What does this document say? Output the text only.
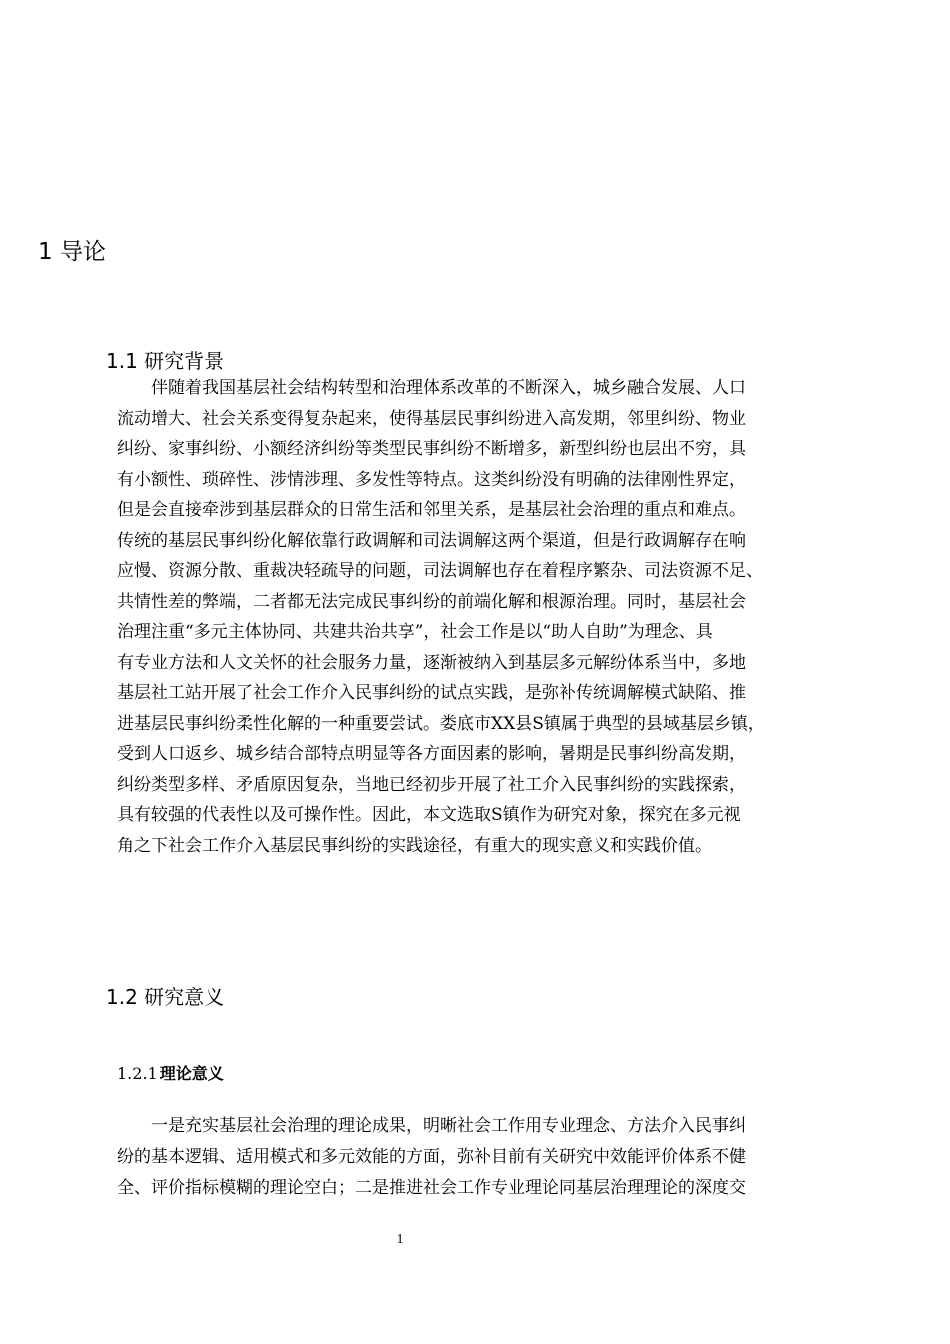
1 导论
1.1 研究背景
伴随着我国基层社会结构转型和治理体系改革的不断深入，城乡融合发展、人口
流动增大、社会关系变得复杂起来，使得基层民事纠纷进入高发期，邻里纠纷、物业
纠纷、家事纠纷、小额经济纠纷等类型民事纠纷不断增多，新型纠纷也层出不穷，具
有小额性、琐碎性、涉情涉理、多发性等特点。这类纠纷没有明确的法律刚性界定，
但是会直接牵涉到基层群众的日常生活和邻里关系，是基层社会治理的重点和难点。
传统的基层民事纠纷化解依靠行政调解和司法调解这两个渠道，但是行政调解存在响
应慢、资源分散、重裁决轻疏导的问题，司法调解也存在着程序繁杂、司法资源不足、
共情性差的弊端，二者都无法完成民事纠纷的前端化解和根源治理。同时，基层社会
治理注重“多元主体协同、共建共治共享”，社会工作是以“助人自助”为理念、具
有专业方法和人文关怀的社会服务力量，逐渐被纳入到基层多元解纷体系当中，多地
基层社工站开展了社会工作介入民事纠纷的试点实践，是弥补传统调解模式缺陷、推
进基层民事纠纷柔性化解的一种重要尝试。娄底市XX县S镇属于典型的县域基层乡镇，
受到人口返乡、城乡结合部特点明显等各方面因素的影响，暑期是民事纠纷高发期，
纠纷类型多样、矛盾原因复杂，当地已经初步开展了社工介入民事纠纷的实践探索，
具有较强的代表性以及可操作性。因此，本文选取S镇作为研究对象，探究在多元视
角之下社会工作介入基层民事纠纷的实践途径，有重大的现实意义和实践价值。
1.2 研究意义
1.2.1 理论意义
一是充实基层社会治理的理论成果，明晰社会工作用专业理念、方法介入民事纠
纷的基本逻辑、适用模式和多元效能的方面，弥补目前有关研究中效能评价体系不健
全、评价指标模糊的理论空白；二是推进社会工作专业理论同基层治理理论的深度交
1
